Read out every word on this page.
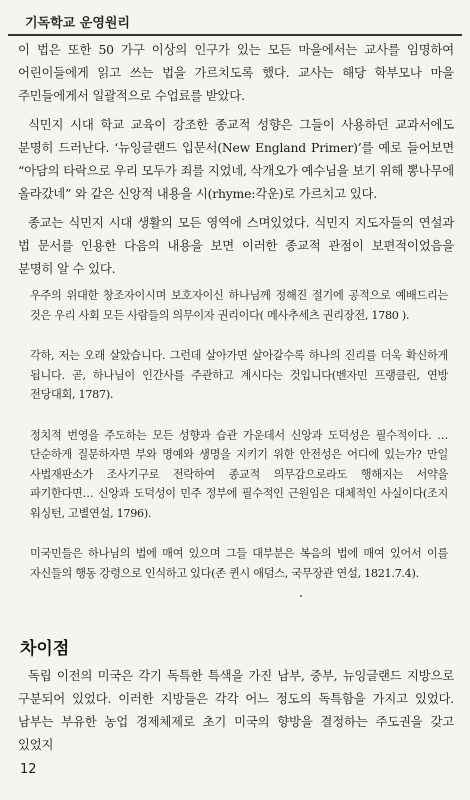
기독학교 운영원리

이 법은 또한 50 가구 이상의 인구가 있는 모든 마을에서는 교사를 임명하여 어린이들에게 읽고 쓰는 법을 가르치도록 했다. 교사는 해당 학부모나 마을 주민들에게서 일괄적으로 수업료를 받았다.

식민지 시대 학교 교육이 강조한 종교적 성향은 그들이 사용하던 교과서에도 분명히 드러난다. ‘뉴잉글랜드 입문서(New England Primer)’를 예로 들어보면 “아담의 타락으로 우리 모두가 죄를 지었네, 삭개오가 예수님을 보기 위해 뽕나무에 올라갔네” 와 같은 신앙적 내용을 시(rhyme:각운)로 가르치고 있다.

종교는 식민지 시대 생활의 모든 영역에 스며있었다. 식민지 지도자들의 연설과 법 문서를 인용한 다음의 내용을 보면 이러한 종교적 관점이 보편적이었음을 분명히 알 수 있다.

우주의 위대한 창조자이시며 보호자이신 하나님께 정해진 절기에 공적으로 예배드리는 것은 우리 사회 모든 사람들의 의무이자 권리이다( 메사추세츠 권리장전, 1780 ).
각하, 저는 오래 살았습니다. 그런데 살아가면 살아갈수록 하나의 진리를 더욱 확신하게 됩니다. 곧, 하나님이 인간사를 주관하고 계시다는 것입니다(벤자민 프랭클린, 연방 전당대회, 1787).
정치적 번영을 주도하는 모든 성향과 습관 가운데서 신앙과 도덕성은 필수적이다. … 단순하게 질문하자면 부와 명예와 생명을 지키기 위한 안전성은 어디에 있는가? 만일 사법재판소가 조사기구로 전락하여 종교적 의무감으로라도 행해지는 서약을 파기한다면… 신앙과 도덕성이 민주 정부에 필수적인 근원임은 대체적인 사실이다(조지 워싱턴, 고별연설, 1796).
미국민들은 하나님의 법에 매여 있으며 그들 대부분은 복음의 법에 매여 있어서 이를 자신들의 행동 강령으로 인식하고 있다(존 퀸시 애덤스, 국무장관 연설, 1821.7.4).
차이점

독립 이전의 미국은 각기 독특한 특색을 가진 남부, 중부, 뉴잉글랜드 지방으로 구분되어 있었다. 이러한 지방들은 각각 어느 정도의 독특함을 가지고 있었다. 남부는 부유한 농업 경제체제로 초기 미국의 향방을 결정하는 주도권을 갖고 있었지

12
